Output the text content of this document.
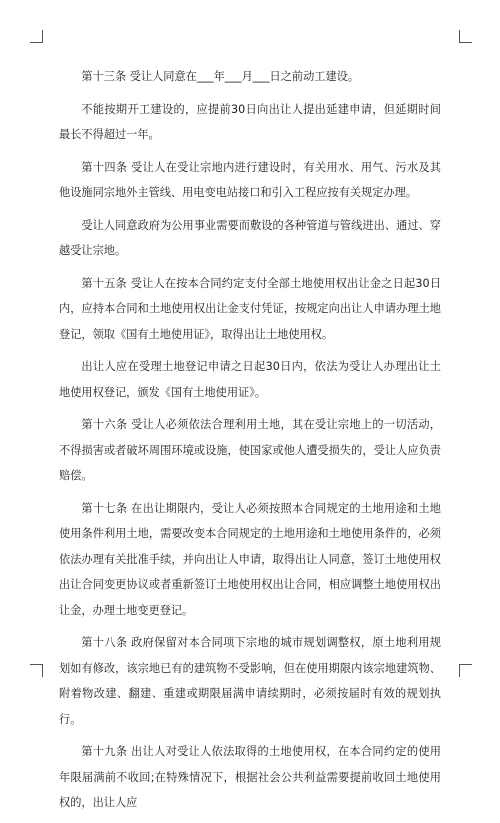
第十三条 受让人同意在___年___月___日之前动工建设。

不能按期开工建设的，应提前30日向出让人提出延建申请，但延期时间最长不得超过一年。

第十四条 受让人在受让宗地内进行建设时，有关用水、用气、污水及其他设施同宗地外主管线、用电变电站接口和引入工程应按有关规定办理。

受让人同意政府为公用事业需要而敷设的各种管道与管线进出、通过、穿越受让宗地。

第十五条 受让人在按本合同约定支付全部土地使用权出让金之日起30日内，应持本合同和土地使用权出让金支付凭证，按规定向出让人申请办理土地登记，领取《国有土地使用证》，取得出让土地使用权。

出让人应在受理土地登记申请之日起30日内，依法为受让人办理出让土地使用权登记，颁发《国有土地使用证》。

第十六条 受让人必须依法合理利用土地，其在受让宗地上的一切活动，不得损害或者破坏周围环境或设施，使国家或他人遭受损失的，受让人应负责赔偿。

第十七条 在出让期限内，受让人必须按照本合同规定的土地用途和土地使用条件利用土地，需要改变本合同规定的土地用途和土地使用条件的，必须依法办理有关批准手续，并向出让人申请，取得出让人同意，签订土地使用权出让合同变更协议或者重新签订土地使用权出让合同，相应调整土地使用权出让金，办理土地变更登记。

第十八条 政府保留对本合同项下宗地的城市规划调整权，原土地利用规划如有修改，该宗地已有的建筑物不受影响，但在使用期限内该宗地建筑物、附着物改建、翻建、重建或期限届满申请续期时，必须按届时有效的规划执行。

第十九条 出让人对受让人依法取得的土地使用权，在本合同约定的使用年限届满前不收回;在特殊情况下，根据社会公共利益需要提前收回土地使用权的，出让人应
